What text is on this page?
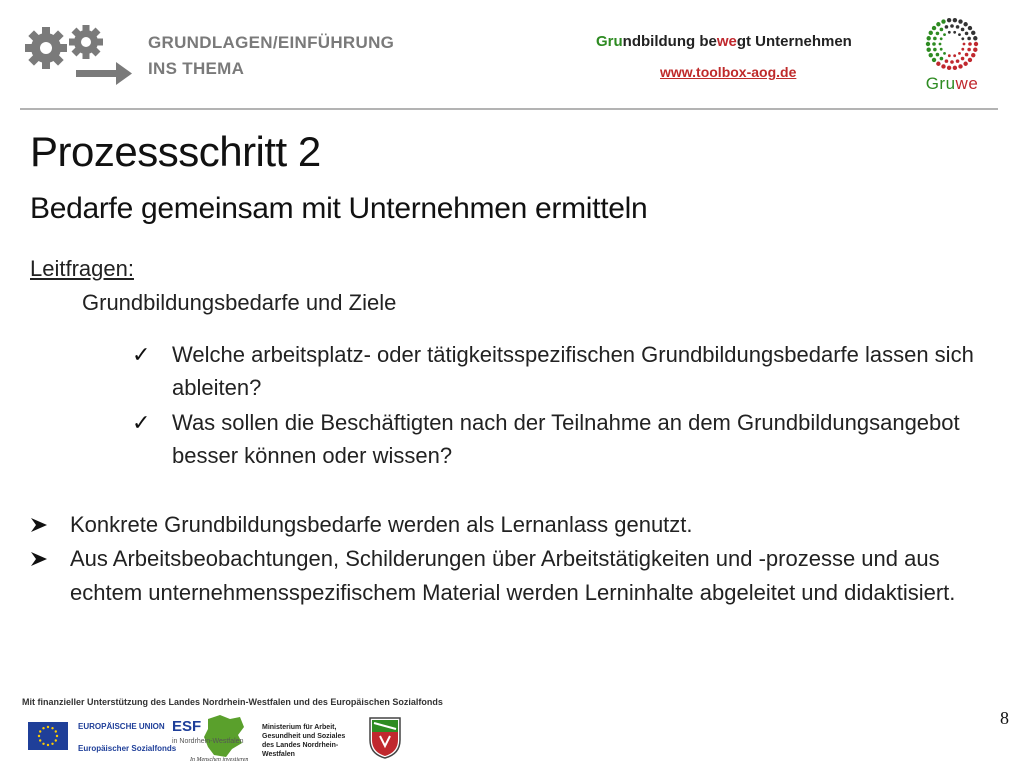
GRUNDLAGEN/EINFÜHRUNG
INS THEMA
Grundbildung bewegt Unternehmen
www.toolbox-aog.de
Gruwe
Prozessschritt 2
Bedarfe gemeinsam mit Unternehmen ermitteln
Leitfragen:
Grundbildungsbedarfe und Ziele
✓ Welche arbeitsplatz- oder tätigkeitsspezifischen Grundbildungsbedarfe lassen sich ableiten?
✓ Was sollen die Beschäftigten nach der Teilnahme an dem Grundbildungsangebot besser können oder wissen?
Konkrete Grundbildungsbedarfe werden als Lernanlass genutzt.
Aus Arbeitsbeobachtungen, Schilderungen über Arbeitstätigkeiten und -prozesse und aus echtem unternehmensspezifischem Material werden Lerninhalte abgeleitet und didaktisiert.
Mit finanzieller Unterstützung des Landes Nordrhein-Westfalen und des Europäischen Sozialfonds
EUROPÄISCHE UNION
Europäischer Sozialfonds
ESF
in Nordrhein-Westfalen
In Menschen investieren
Ministerium für Arbeit,
Gesundheit und Soziales
des Landes Nordrhein-Westfalen
8
